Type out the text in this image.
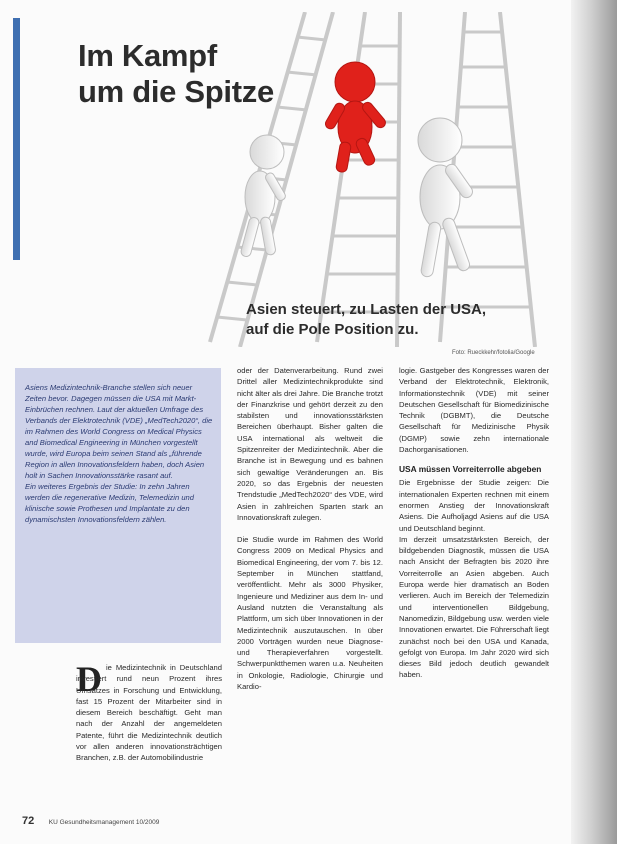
Im Kampf
um die Spitze
Asien steuert, zu Lasten der USA,
auf die Pole Position zu.
Foto: Rueckkehr/fotolia/Google

Asiens Medizintechnik-Branche stellen sich neuer Zeiten bevor. Dagegen müssen die USA mit Markt-Einbrüchen rechnen. Laut der aktuellen Umfrage des Verbands der Elektrotechnik (VDE) „MedTech2020“, die im Rahmen des World Congress on Medical Physics and Biomedical Engineering in München vorgestellt wurde, wird Europa beim seinen Stand als „führende Region in allen Innovationsfeldern haben, doch Asien holt in Sachen Innovationsstärke rasant auf.

Ein weiteres Ergebnis der Studie: In zehn Jahren werden die regenerative Medizin, Telemedizin und klinische sowie Prothesen und Implantate zu den dynamischsten Innovationsfeldern zählen.

D ie Medizintechnik in Deutschland investiert rund neun Prozent ihres Umsatzes in Forschung und Entwicklung, fast 15 Prozent der Mitarbeiter sind in diesem Bereich beschäftigt. Geht man nach der Anzahl der angemeldeten Patente, führt die Medizintechnik deutlich vor allen anderen innovationsträchtigen Branchen, z.B. der Automobilindustrie

oder der Datenverarbeitung. Rund zwei Drittel aller Medizintechnikprodukte sind nicht älter als drei Jahre. Die Branche trotzt der Finanzkrise und gehört derzeit zu den stabilsten und innovationsstärksten Bereichen überhaupt. Bisher galten die USA international als weltweit die Spitzenreiter der Medizintechnik. Aber die Branche ist in Bewegung und es bahnen sich gewaltige Veränderungen an. Bis 2020, so das Ergebnis der neuesten Trendstudie „MedTech2020“ des VDE, wird Asien in zahlreichen Sparten stark an Innovationskraft zulegen.

Die Studie wurde im Rahmen des World Congress 2009 on Medical Physics and Biomedical Engineering, der vom 7. bis 12. September in München stattfand, veröffentlicht. Mehr als 3000 Physiker, Ingenieure und Mediziner aus dem In- und Ausland nutzten die Veranstaltung als Plattform, um sich über Innovationen in der Medizintechnik auszutauschen. In über 2000 Vorträgen wurden neue Diagnose- und Therapieverfahren vorgestellt. Schwerpunktthemen waren u.a. Neuheiten in Onkologie, Radiologie, Chirurgie und Kardio-

logie. Gastgeber des Kongresses waren der Verband der Elektrotechnik, Elektronik, Informationstechnik (VDE) mit seiner Deutschen Gesellschaft für Biomedizinische Technik (DGBMT), die Deutsche Gesellschaft für Medizinische Physik (DGMP) sowie zehn internationale Dachorganisationen.

USA müssen Vorreiterrolle abgeben

Die Ergebnisse der Studie zeigen: Die internationalen Experten rechnen mit einem enormen Anstieg der Innovationskraft Asiens. Die Aufholjagd Asiens auf die USA und Deutschland beginnt.

Im derzeit umsatzstärksten Bereich, der bildgebenden Diagnostik, müssen die USA nach Ansicht der Befragten bis 2020 ihre Vorreiterrolle an Asien abgeben. Auch Europa werde hier dramatisch an Boden verlieren. Auch im Bereich der Telemedizin und interventionellen Bildgebung, Nanomedizin, Bildgebung usw. werden viele Innovationen erwartet. Die Führerschaft liegt zunächst noch bei den USA und Kanada, gefolgt von Europa. Im Jahr 2020 wird sich dieses Bild jedoch deutlich gewandelt haben.

72 KU Gesundheitsmanagement 10/2009
